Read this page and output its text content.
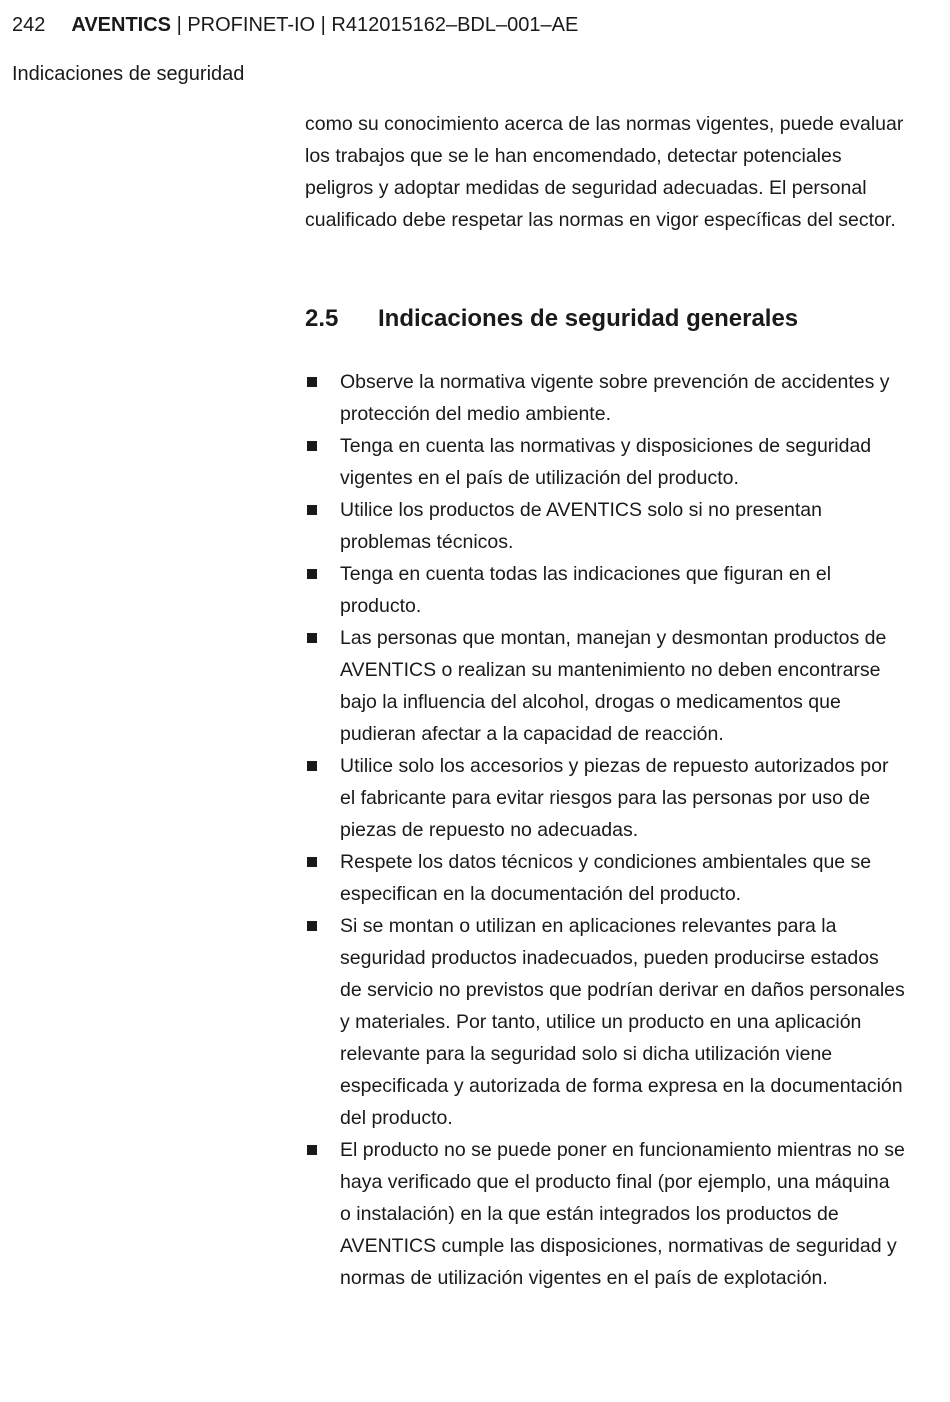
242 AVENTICS | PROFINET-IO | R412015162–BDL–001–AE
Indicaciones de seguridad

como su conocimiento acerca de las normas vigentes, puede evaluar los trabajos que se le han encomendado, detectar potenciales peligros y adoptar medidas de seguridad adecuadas. El personal cualificado debe respetar las normas en vigor específicas del sector.

2.5 Indicaciones de seguridad generales
Observe la normativa vigente sobre prevención de accidentes y protección del medio ambiente.
Tenga en cuenta las normativas y disposiciones de seguridad vigentes en el país de utilización del producto.
Utilice los productos de AVENTICS solo si no presentan problemas técnicos.
Tenga en cuenta todas las indicaciones que figuran en el producto.
Las personas que montan, manejan y desmontan productos de AVENTICS o realizan su mantenimiento no deben encontrarse bajo la influencia del alcohol, drogas o medicamentos que pudieran afectar a la capacidad de reacción.
Utilice solo los accesorios y piezas de repuesto autorizados por el fabricante para evitar riesgos para las personas por uso de piezas de repuesto no adecuadas.
Respete los datos técnicos y condiciones ambientales que se especifican en la documentación del producto.
Si se montan o utilizan en aplicaciones relevantes para la seguridad productos inadecuados, pueden producirse estados de servicio no previstos que podrían derivar en daños personales y materiales. Por tanto, utilice un producto en una aplicación relevante para la seguridad solo si dicha utilización viene especificada y autorizada de forma expresa en la documentación del producto.
El producto no se puede poner en funcionamiento mientras no se haya verificado que el producto final (por ejemplo, una máquina o instalación) en la que están integrados los productos de AVENTICS cumple las disposiciones, normativas de seguridad y normas de utilización vigentes en el país de explotación.
